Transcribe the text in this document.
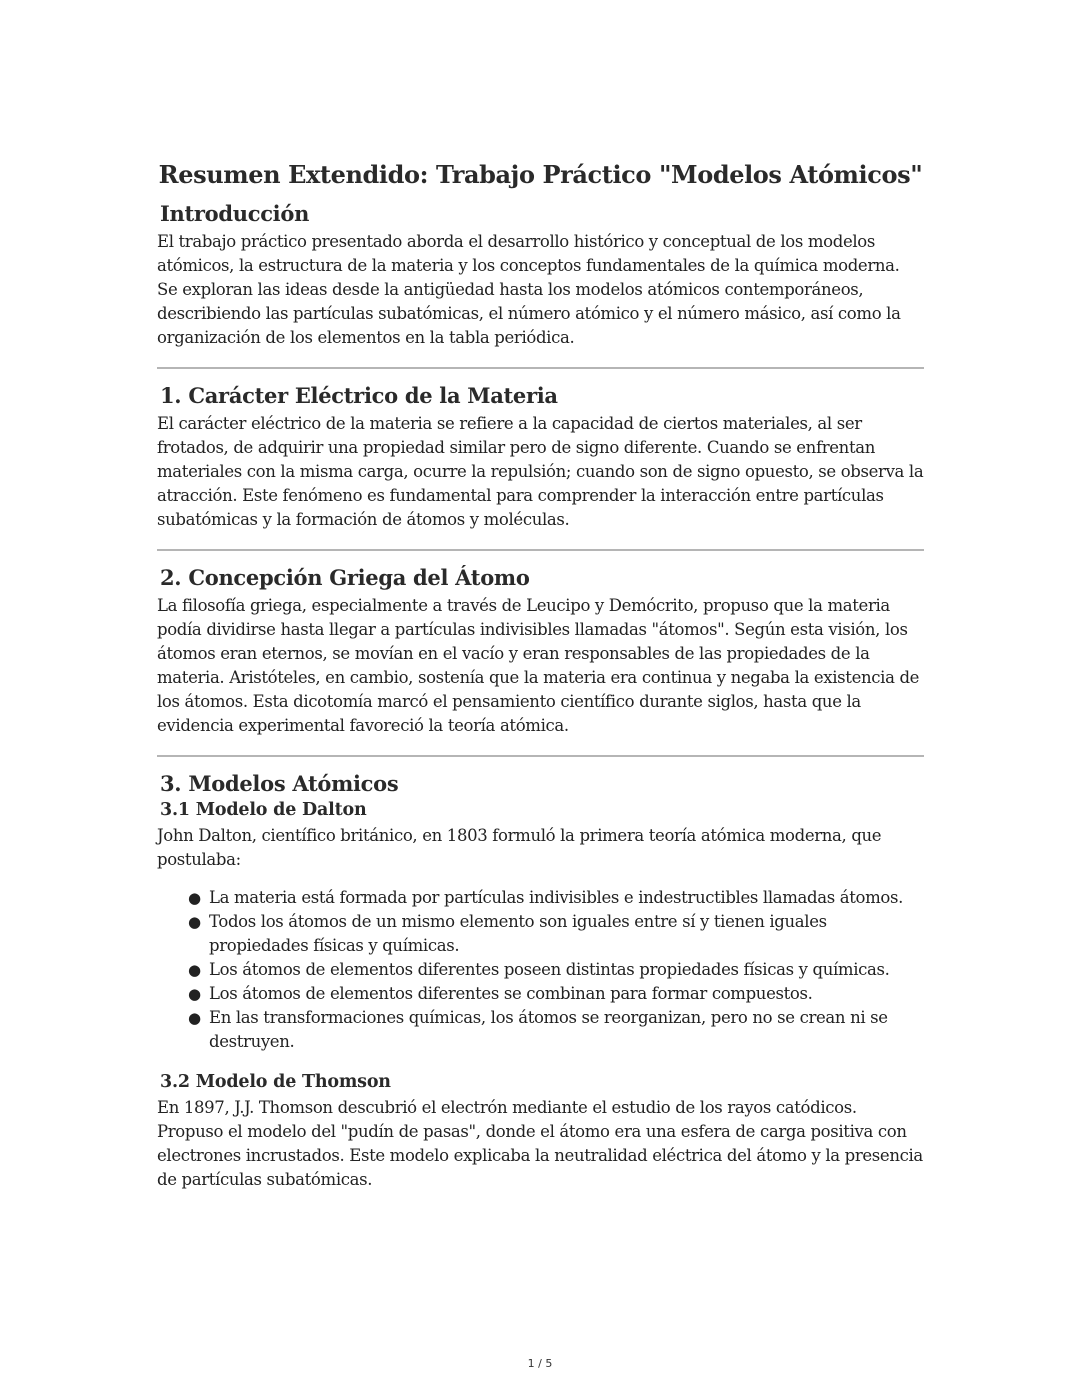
Resumen Extendido: Trabajo Práctico "Modelos Atómicos"
Introducción

El trabajo práctico presentado aborda el desarrollo histórico y conceptual de los modelos atómicos, la estructura de la materia y los conceptos fundamentales de la química moderna. Se exploran las ideas desde la antigüedad hasta los modelos atómicos contemporáneos, describiendo las partículas subatómicas, el número atómico y el número másico, así como la organización de los elementos en la tabla periódica.

1. Carácter Eléctrico de la Materia

El carácter eléctrico de la materia se refiere a la capacidad de ciertos materiales, al ser frotados, de adquirir una propiedad similar pero de signo diferente. Cuando se enfrentan materiales con la misma carga, ocurre la repulsión; cuando son de signo opuesto, se observa la atracción. Este fenómeno es fundamental para comprender la interacción entre partículas subatómicas y la formación de átomos y moléculas.

2. Concepción Griega del Átomo

La filosofía griega, especialmente a través de Leucipo y Demócrito, propuso que la materia podía dividirse hasta llegar a partículas indivisibles llamadas "átomos". Según esta visión, los átomos eran eternos, se movían en el vacío y eran responsables de las propiedades de la materia. Aristóteles, en cambio, sostenía que la materia era continua y negaba la existencia de los átomos. Esta dicotomía marcó el pensamiento científico durante siglos, hasta que la evidencia experimental favoreció la teoría atómica.

3. Modelos Atómicos
3.1 Modelo de Dalton

John Dalton, científico británico, en 1803 formuló la primera teoría atómica moderna, que postulaba:

● La materia está formada por partículas indivisibles e indestructibles llamadas átomos.
● Todos los átomos de un mismo elemento son iguales entre sí y tienen iguales propiedades físicas y químicas.
● Los átomos de elementos diferentes poseen distintas propiedades físicas y químicas.
● Los átomos de elementos diferentes se combinan para formar compuestos.
● En las transformaciones químicas, los átomos se reorganizan, pero no se crean ni se destruyen.
3.2 Modelo de Thomson

En 1897, J.J. Thomson descubrió el electrón mediante el estudio de los rayos catódicos. Propuso el modelo del "pudín de pasas", donde el átomo era una esfera de carga positiva con electrones incrustados. Este modelo explicaba la neutralidad eléctrica del átomo y la presencia de partículas subatómicas.

1 / 5
